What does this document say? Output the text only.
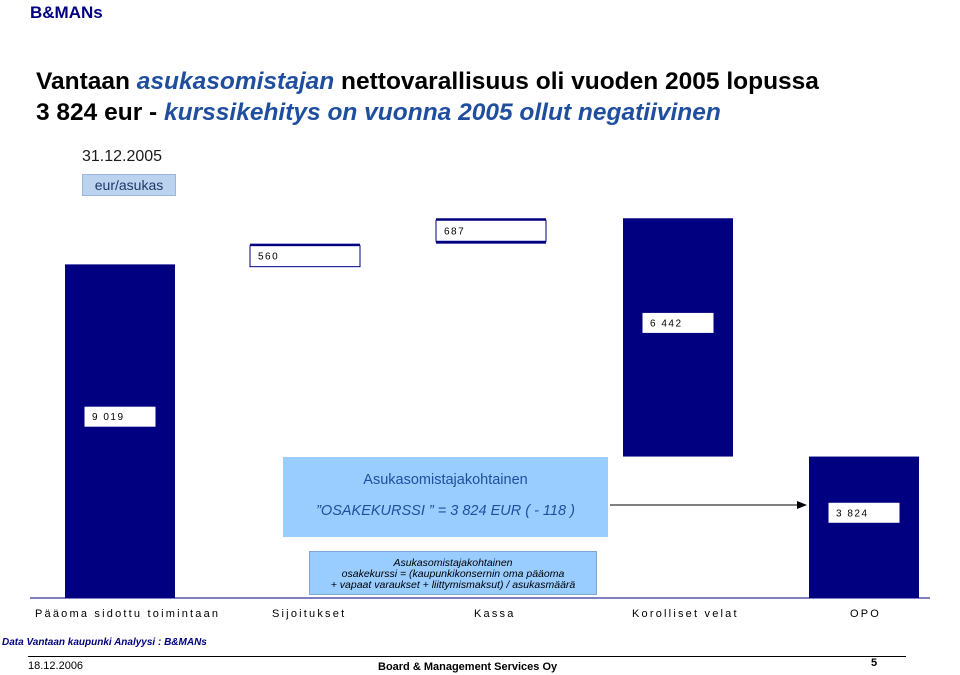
B&MANs
Vantaan asukasomistajan nettovarallisuus oli vuoden 2005 lopussa
3 824 eur - kurssikehitys on vuonna 2005 ollut negatiivinen
31.12.2005
eur/asukas
Asukasomistajakohtainen
”OSAKEKURSSI ” = 3 824 EUR ( - 118 )
Asukasomistajakohtainen
osakekurssi = (kaupunkikonsernin oma pääoma
+ vapaat varaukset + liittymismaksut) / asukasmäärä
9 019
560
687
6 442
3 824
Pääoma sidottu toimintaan	Sijoitukset	Kassa	Korolliset velat	OPO
Data Vantaan kaupunki Analyysi : B&MANs
18.12.2006	Board & Management Services Oy	5
